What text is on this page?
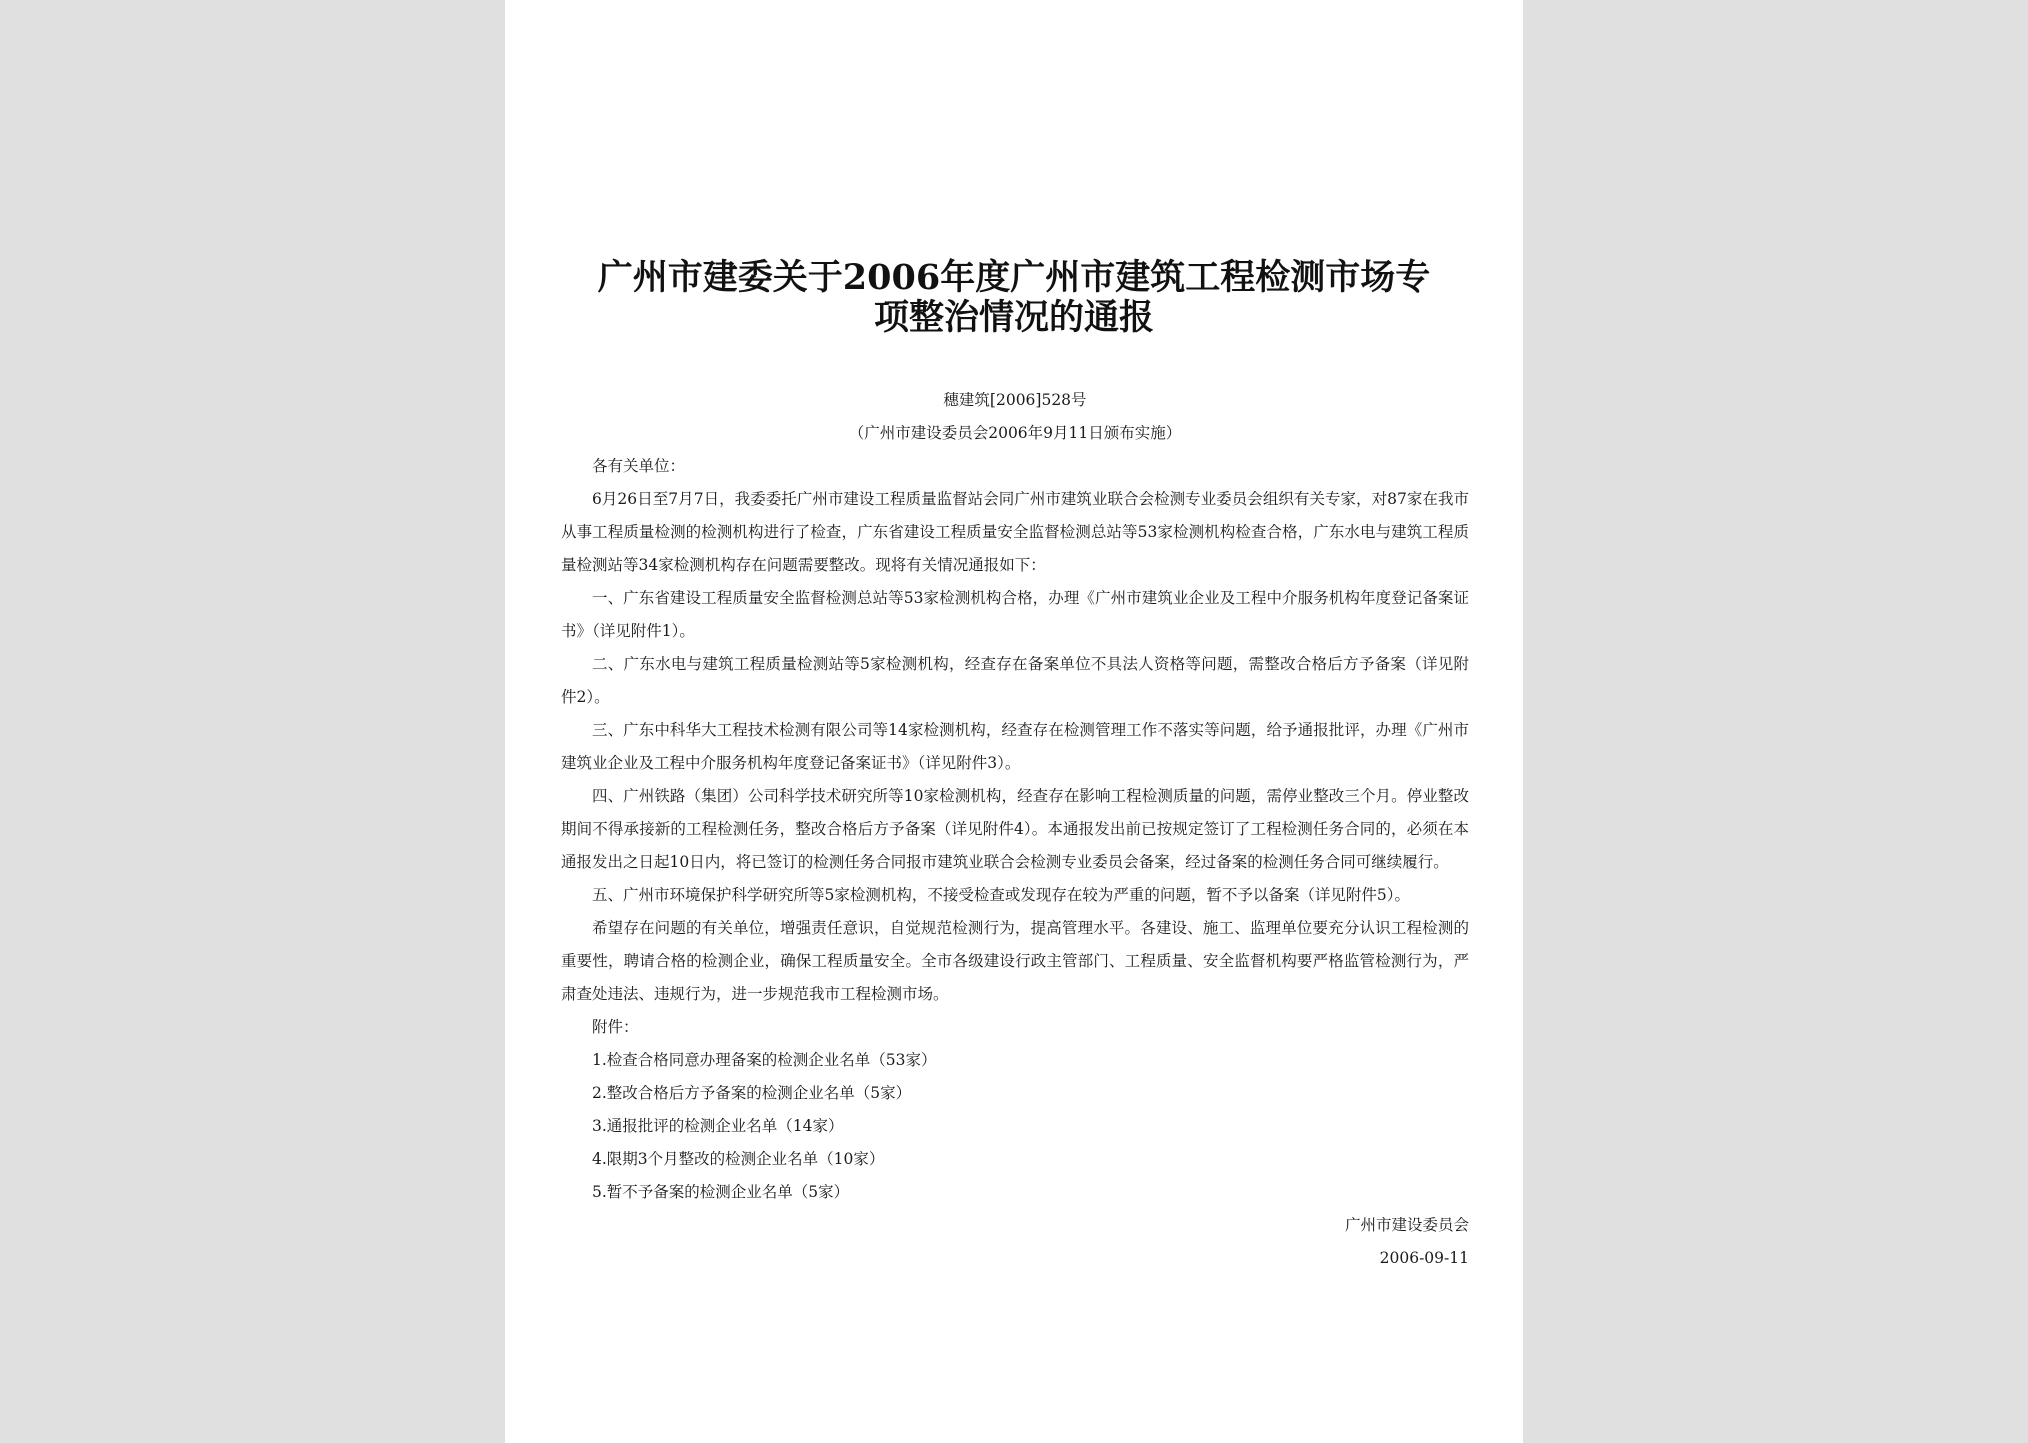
广州市建委关于2006年度广州市建筑工程检测市场专项整治情况的通报

穗建筑[2006]528号

（广州市建设委员会2006年9月11日颁布实施）

各有关单位：

6月26日至7月7日，我委委托广州市建设工程质量监督站会同广州市建筑业联合会检测专业委员会组织有关专家，对87家在我市从事工程质量检测的检测机构进行了检查，广东省建设工程质量安全监督检测总站等53家检测机构检查合格，广东水电与建筑工程质量检测站等34家检测机构存在问题需要整改。现将有关情况通报如下：

一、广东省建设工程质量安全监督检测总站等53家检测机构合格，办理《广州市建筑业企业及工程中介服务机构年度登记备案证书》（详见附件1）。

二、广东水电与建筑工程质量检测站等5家检测机构，经查存在备案单位不具法人资格等问题，需整改合格后方予备案（详见附件2）。

三、广东中科华大工程技术检测有限公司等14家检测机构，经查存在检测管理工作不落实等问题，给予通报批评，办理《广州市建筑业企业及工程中介服务机构年度登记备案证书》（详见附件3）。

四、广州铁路（集团）公司科学技术研究所等10家检测机构，经查存在影响工程检测质量的问题，需停业整改三个月。停业整改期间不得承接新的工程检测任务，整改合格后方予备案（详见附件4）。本通报发出前已按规定签订了工程检测任务合同的，必须在本通报发出之日起10日内，将已签订的检测任务合同报市建筑业联合会检测专业委员会备案，经过备案的检测任务合同可继续履行。

五、广州市环境保护科学研究所等5家检测机构，不接受检查或发现存在较为严重的问题，暂不予以备案（详见附件5）。

希望存在问题的有关单位，增强责任意识，自觉规范检测行为，提高管理水平。各建设、施工、监理单位要充分认识工程检测的重要性，聘请合格的检测企业，确保工程质量安全。全市各级建设行政主管部门、工程质量、安全监督机构要严格监管检测行为，严肃查处违法、违规行为，进一步规范我市工程检测市场。

附件：

1.检查合格同意办理备案的检测企业名单（53家）

2.整改合格后方予备案的检测企业名单（5家）

3.通报批评的检测企业名单（14家）

4.限期3个月整改的检测企业名单（10家）

5.暂不予备案的检测企业名单（5家）

广州市建设委员会

2006-09-11
